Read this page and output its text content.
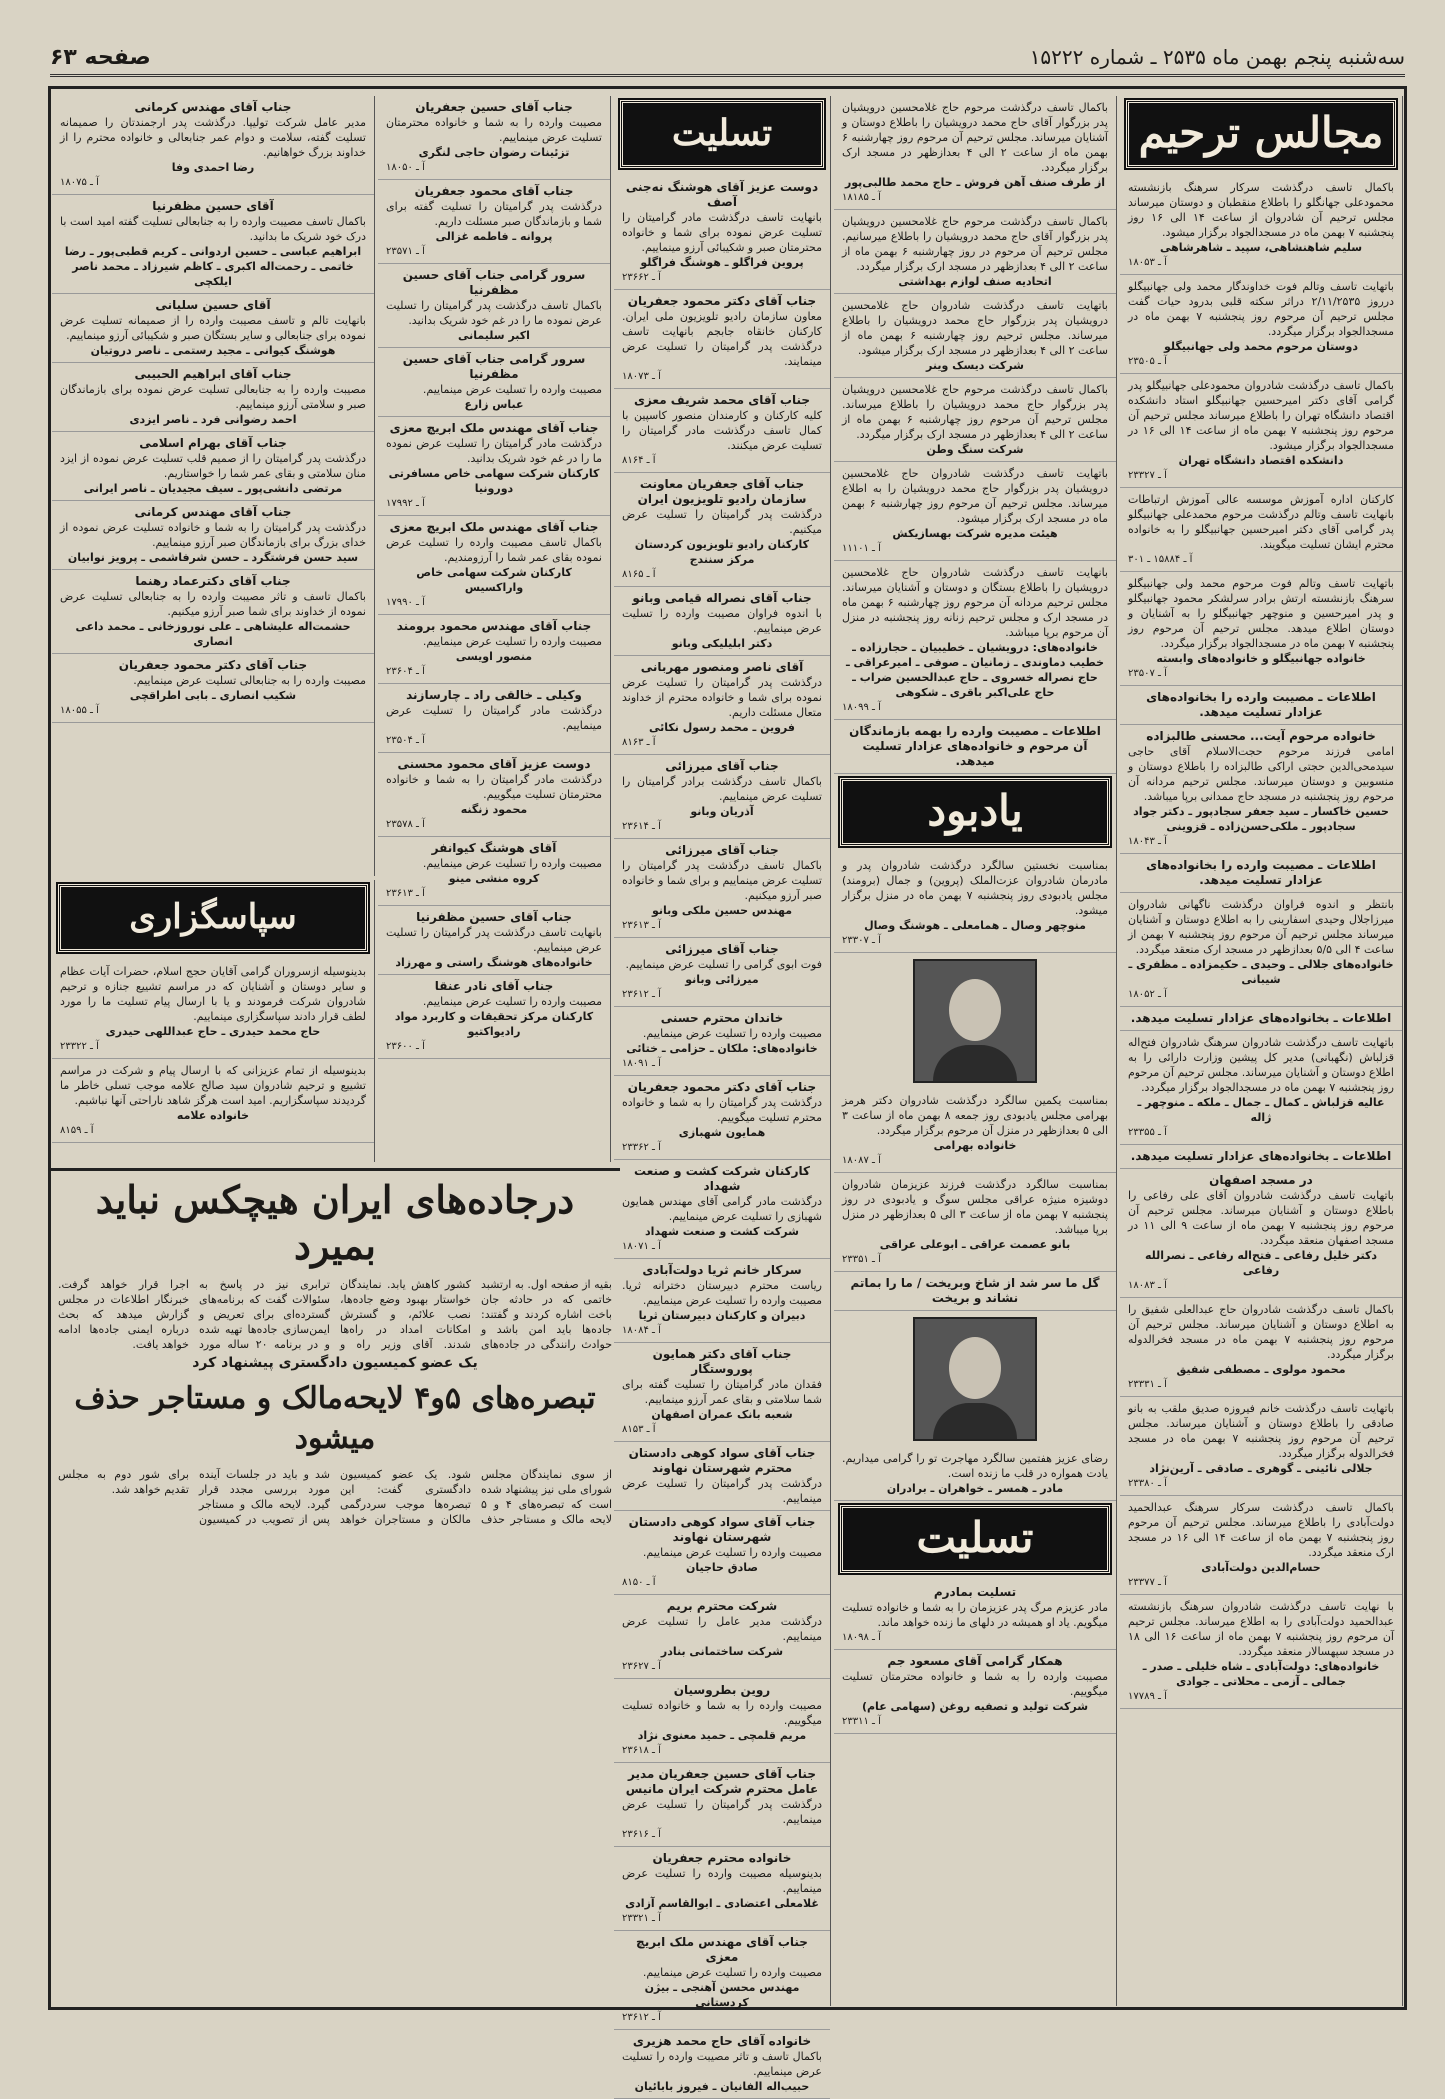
سه‌شنبه پنجم بهمن ماه ۲۵۳۵ ـ شماره ۱۵۲۲۲
صفحه ۶۳
مجالس ترحیم
باکمال تاسف درگذشت سرکار سرهنگ بازنشسته محمودعلی جهانگلو را باطلاع منقطبان و دوستان میرساند مجلس ترحیم آن شادروان از ساعت ۱۴ الی ۱۶ روز پنجشنبه ۷ بهمن ماه در مسجدالجواد برگزار میشود.
سلیم شاهنشاهی، سپید ـ شاهرشاهی
آ ـ ۱۸۰۵۳
باتهایت تاسف وتالم فوت خداوندگار محمد ولی جهانبیگلو درروز ۲/۱۱/۲۵۳۵ دراثر سکته قلبی بدرود حیات گفت مجلس ترحیم آن مرحوم روز پنجشنبه ۷ بهمن ماه در مسجدالجواد برگزار میگردد.
دوستان مرحوم محمد ولی جهانبیگلو
آ ـ ۲۳۵۰۵
باکمال تاسف درگذشت شادروان محمودعلی جهانبیگلو پدر گرامی آقای دکتر امیرحسین جهانبیگلو استاد دانشکده اقتصاد دانشگاه تهران را باطلاع میرساند مجلس ترحیم آن مرحوم روز پنجشنبه ۷ بهمن ماه از ساعت ۱۴ الی ۱۶ در مسجدالجواد برگزار میشود.
دانشکده اقتصاد دانشگاه تهران
آ ـ ۲۳۳۲۷
کارکنان اداره آموزش موسسه عالی آموزش ارتباطات بانهایت تاسف وتالم درگذشت مرحوم محمدعلی جهانبیگلو پدر گرامی آقای دکتر امیرحسین جهانبیگلو را به خانواده محترم ایشان تسلیت میگویند.
آ ـ ۱۵۸۸۴ ـ ۳۰۱
باتهایت تاسف وتالم فوت مرحوم محمد ولی جهانبیگلو سرهنگ بازنشسته ارتش برادر سرلشکر محمود جهانبیگلو و پدر امیرحسین و منوچهر جهانبیگلو را به آشنایان و دوستان اطلاع میدهد. مجلس ترحیم آن مرحوم روز پنجشنبه ۷ بهمن ماه در مسجدالجواد برگزار میگردد.
خانواده جهانبیگلو و خانواده‌های وابسته
آ ـ ۲۳۵۰۷
اطلاعات ـ مصیبت وارده را بخانواده‌های عزادار تسلیت میدهد.
خانواده مرحوم آیت... محسنی طالبزاده
امامی فرزند مرحوم حجت‌الاسلام آقای حاجی سیدمحی‌الدین حجتی اراکی طالبزاده را باطلاع دوستان و منسوبین و دوستان میرساند. مجلس ترحیم مردانه آن مرحوم روز پنجشنبه در مسجد حاج ممدانی برپا میباشد.
حسین خاکسار ـ سید جعفر سجادپور ـ دکتر جواد سجادپور ـ ملکی‌حسن‌زاده ـ قزوینی
آ ـ ۱۸۰۴۳
اطلاعات ـ مصیبت وارده را بخانواده‌های عزادار تسلیت میدهد.
بانتظر و اندوه فراوان درگذشت ناگهانی شادروان میرزاجلال وحیدی اسفارینی را به اطلاع دوستان و آشنایان میرساند مجلس ترحیم آن مرحوم روز پنجشنبه ۷ بهمن از ساعت ۴ الی ۵/۵ بعدازظهر در مسجد ارک منعقد میگردد.
خانواده‌های جلالی ـ وحیدی ـ حکیمزاده ـ مظفری ـ شیبانی
آ ـ ۱۸۰۵۲
اطلاعات ـ بخانواده‌های عزادار تسلیت میدهد.
باتهایت تاسف درگذشت شادروان سرهنگ شادروان فتح‌اله قزلباش (نگهبانی) مدیر کل پیشین وزارت دارائی را به اطلاع دوستان و آشنایان میرساند. مجلس ترحیم آن مرحوم روز پنجشنبه ۷ بهمن ماه در مسجدالجواد برگزار میگردد.
عالیه قزلباش ـ کمال ـ جمال ـ ملکه ـ منوچهر ـ ژاله
آ ـ ۲۳۳۵۵
اطلاعات ـ بخانواده‌های عزادار تسلیت میدهد.
در مسجد اصفهان
باتهایت تاسف درگذشت شادروان آقای علی رفاعی را باطلاع دوستان و آشنایان میرساند. مجلس ترحیم آن مرحوم روز پنجشنبه ۷ بهمن ماه از ساعت ۹ الی ۱۱ در مسجد اصفهان منعقد میگردد.
دکتر خلیل رفاعی ـ فتح‌اله رفاعی ـ نصرالله رفاعی
آ ـ ۱۸۰۸۳
باکمال تاسف درگذشت شادروان حاج عبدالعلی شفیق را به اطلاع دوستان و آشنایان میرساند. مجلس ترحیم آن مرحوم روز پنجشنبه ۷ بهمن ماه در مسجد فخرالدوله برگزار میگردد.
محمود مولوی ـ مصطفی شفیق
آ ـ ۲۳۳۳۱
باتهایت تاسف درگذشت خانم فیروزه صدیق ملقب به بانو صادقی را باطلاع دوستان و آشنایان میرساند. مجلس ترحیم آن مرحوم روز پنجشنبه ۷ بهمن ماه در مسجد فخرالدوله برگزار میگردد.
جلالی نائینی ـ گوهری ـ صادقی ـ آرین‌نژاد
آ ـ ۲۳۳۸۰
باکمال تاسف درگذشت سرکار سرهنگ عبدالحمید دولت‌آبادی را باطلاع میرساند. مجلس ترحیم آن مرحوم روز پنجشنبه ۷ بهمن ماه از ساعت ۱۴ الی ۱۶ در مسجد ارک منعقد میگردد.
حسام‌الدین دولت‌آبادی
آ ـ ۲۳۳۷۷
با نهایت تاسف درگذشت شادروان سرهنگ بازنشسته عبدالحمید دولت‌آبادی را به اطلاع میرساند. مجلس ترحیم آن مرحوم روز پنجشنبه ۷ بهمن ماه از ساعت ۱۶ الی ۱۸ در مسجد سپهسالار منعقد میگردد.
خانواده‌های: دولت‌آبادی ـ شاه خلیلی ـ صدر ـ جمالی ـ آزمی ـ محلاتی ـ جوادی
آ ـ ۱۷۷۸۹
باکمال تاسف درگذشت مرحوم حاج غلامحسین درویشیان پدر بزرگوار آقای حاج محمد درویشیان را باطلاع دوستان و آشنایان میرساند. مجلس ترحیم آن مرحوم روز چهارشنبه ۶ بهمن ماه از ساعت ۲ الی ۴ بعدازظهر در مسجد ارک برگزار میگردد.
از طرف صنف آهن فروش ـ حاج محمد طالبی‌پور
آ ـ ۱۸۱۸۵
باکمال تاسف درگذشت مرحوم حاج غلامحسین درویشیان پدر بزرگوار آقای حاج محمد درویشیان را باطلاع میرسانیم. مجلس ترحیم آن مرحوم در روز چهارشنبه ۶ بهمن ماه از ساعت ۲ الی ۴ بعدازظهر در مسجد ارک برگزار میگردد.
اتحادیه صنف لوازم بهداشتی
باتهایت تاسف درگذشت شادروان حاج غلامحسین درویشیان پدر بزرگوار حاج محمد درویشیان را باطلاع میرساند. مجلس ترحیم روز چهارشنبه ۶ بهمن ماه از ساعت ۲ الی ۴ بعدازظهر در مسجد ارک برگزار میشود.
شرکت دیسک وینر
باکمال تاسف درگذشت مرحوم حاج غلامحسین درویشیان پدر بزرگوار حاج محمد درویشیان را باطلاع میرساند. مجلس ترحیم آن مرحوم روز چهارشنبه ۶ بهمن ماه از ساعت ۲ الی ۴ بعدازظهر در مسجد ارک برگزار میگردد.
شرکت سنگ وطن
باتهایت تاسف درگذشت شادروان حاج غلامحسین درویشیان پدر بزرگوار حاج محمد درویشیان را به اطلاع میرساند. مجلس ترحیم آن مرحوم روز چهارشنبه ۶ بهمن ماه در مسجد ارک برگزار میشود.
هیئت مدیره شرکت بهسازیکش
آ ـ ۱۱۱۰۱
بانهایت تاسف درگذشت شادروان حاج غلامحسین درویشیان را باطلاع بستگان و دوستان و آشنایان میرساند. مجلس ترحیم مردانه آن مرحوم روز چهارشنبه ۶ بهمن ماه در مسجد ارک و مجلس ترحیم زنانه روز پنجشنبه در منزل آن مرحوم برپا میباشد.
خانواده‌های: درویشیان ـ خطیبیان ـ حجارزاده ـ خطیب دماوندی ـ زمانیان ـ صوفی ـ امیرعراقی ـ حاج نصراله خسروی ـ حاج عبدالحسین ضراب ـ حاج علی‌اکبر باقری ـ شکوهی
آ ـ ۱۸۰۹۹
اطلاعات ـ مصیبت وارده را بهمه بازماندگان آن مرحوم و خانواده‌های عزادار تسلیت میدهد.
یادبود
بمناسبت نخستین سالگرد درگذشت شادروان پدر و مادرمان شادروان عزت‌الملک (پروین) و جمال (برومند) مجلس یادبودی روز پنجشنبه ۷ بهمن ماه در منزل برگزار میشود.
منوچهر وصال ـ همامعلی ـ هوشنگ وصال
آ ـ ۲۳۳۰۷
بمناسبت یکمین سالگرد درگذشت شادروان دکتر هرمز بهرامی مجلس یادبودی روز جمعه ۸ بهمن ماه از ساعت ۳ الی ۵ بعدازظهر در منزل آن مرحوم برگزار میگردد.
خانواده بهرامی
آ ـ ۱۸۰۸۷
بمناسبت سالگرد درگذشت فرزند عزیزمان شادروان دوشیزه منیژه عراقی مجلس سوگ و یادبودی در روز پنجشنبه ۷ بهمن ماه از ساعت ۳ الی ۵ بعدازظهر در منزل برپا میباشد.
بانو عصمت عراقی ـ ابوعلی عراقی
آ ـ ۲۳۳۵۱
گل ما سر شد از شاخ وبریخت / ما را بماتم نشاند و بریخت
رضای عزیز هفتمین سالگرد مهاجرت تو را گرامی میداریم. یادت همواره در قلب ما زنده است.
مادر ـ همسر ـ خواهران ـ برادران
تسلیت
تسلیت بمادرم
مادر عزیزم مرگ پدر عزیزمان را به شما و خانواده تسلیت میگویم. یاد او همیشه در دلهای ما زنده خواهد ماند.
آ ـ ۱۸۰۹۸
همکار گرامی آقای مسعود جم
مصیبت وارده را به شما و خانواده محترمتان تسلیت میگوییم.
شرکت تولید و تصفیه روغن (سهامی عام)
آ ـ ۲۳۳۱۱
تسلیت
دوست عزیز آقای هوشنگ نه‌جنی آصف
بانهایت تاسف درگذشت مادر گرامیتان را تسلیت عرض نموده برای شما و خانواده محترمتان صبر و شکیبائی آرزو مینماییم.
پروین فراگلو ـ هوشنگ فراگلو
آ ـ ۲۳۶۶۲
جناب آقای دکتر محمود جعفریان
معاون سازمان رادیو تلویزیون ملی ایران. کارکنان خانقاه جابجم بانهایت تاسف درگذشت پدر گرامیتان را تسلیت عرض مینمایند.
آ ـ ۱۸۰۷۳
جناب آقای محمد شریف معزی
کلیه کارکنان و کارمندان منصور کاسپین با کمال تاسف درگذشت مادر گرامیتان را تسلیت عرض میکنند.
آ ـ ۸۱۶۴
جناب آقای جعفریان معاونت سازمان رادیو تلویزیون ایران
درگذشت پدر گرامیتان را تسلیت عرض میکنیم.
کارکنان رادیو تلویزیون کردستان مرکز سنندج
آ ـ ۸۱۶۵
جناب آقای نصراله قیامی وبانو
با اندوه فراوان مصیبت وارده را تسلیت عرض مینماییم.
دکتر ابلیلیکی وبانو
آقای ناصر ومنصور مهربانی
درگذشت پدر گرامیتان را تسلیت عرض نموده برای شما و خانواده محترم از خداوند متعال مسئلت داریم.
فروین ـ محمد رسول نکائی
آ ـ ۸۱۶۳
جناب آقای میرزائی
باکمال تاسف درگذشت برادر گرامیتان را تسلیت عرض مینماییم.
آذریان وبانو
آ ـ ۲۳۶۱۴
جناب آقای میرزائی
باکمال تاسف درگذشت پدر گرامیتان را تسلیت عرض مینماییم و برای شما و خانواده صبر آرزو میکنیم.
مهندس حسین ملکی وبانو
آ ـ ۲۳۶۱۳
جناب آقای میرزائی
فوت ابوی گرامی را تسلیت عرض مینماییم.
میرزائی وبانو
آ ـ ۲۳۶۱۲
خاندان محترم حسنی
مصیبت وارده را تسلیت عرض مینماییم.
خانواده‌های: ملکان ـ حزامی ـ ختائی
آ ـ ۱۸۰۹۱
جناب آقای دکتر محمود جعفریان
درگذشت پدر گرامیتان را به شما و خانواده محترم تسلیت میگوییم.
همایون شهبازی
آ ـ ۲۳۳۶۲
کارکنان شرکت کشت و صنعت شهداد
درگذشت مادر گرامی آقای مهندس همایون شهبازی را تسلیت عرض مینماییم.
شرکت کشت و صنعت شهداد
آ ـ ۱۸۰۷۱
سرکار خانم ثریا دولت‌آبادی
ریاست محترم دبیرستان دخترانه ثریا. مصیبت وارده را تسلیت عرض مینماییم.
دبیران و کارکنان دبیرستان ثریا
آ ـ ۱۸۰۸۴
جناب آقای دکتر همایون پوروستگار
فقدان مادر گرامیتان را تسلیت گفته برای شما سلامتی و بقای عمر آرزو مینماییم.
شعبه بانک عمران اصفهان
آ ـ ۸۱۵۳
جناب آقای سواد کوهی دادستان محترم شهرستان نهاوند
درگذشت پدر گرامیتان را تسلیت عرض مینماییم.
جناب آقای سواد کوهی دادستان شهرستان نهاوند
مصیبت وارده را تسلیت عرض مینماییم.
صادق حاجیان
آ ـ ۸۱۵۰
شرکت محترم بریم
درگذشت مدیر عامل را تسلیت عرض مینماییم.
شرکت ساختمانی بنادر
آ ـ ۲۳۶۲۷
روین بطروسیان
مصیبت وارده را به شما و خانواده تسلیت میگوییم.
مریم قلمچی ـ حمید معنوی نژاد
آ ـ ۲۳۶۱۸
جناب آقای حسین جعفریان مدیر عامل محترم شرکت ایران مانیس
درگذشت پدر گرامیتان را تسلیت عرض مینماییم.
آ ـ ۲۳۶۱۶
خانواده محترم جعفریان
بدینوسیله مصیبت وارده را تسلیت عرض مینماییم.
غلامعلی اعتضادی ـ ابوالقاسم آزادی
آ ـ ۲۳۳۲۱
جناب آقای مهندس ملک ابریچ معزی
مصیبت وارده را تسلیت عرض مینماییم.
مهندس محسن آهنجی ـ بیژن کردستانی
آ ـ ۲۳۶۱۲
خانواده آقای حاج محمد هزیری
باکمال تاسف و تاثر مصیبت وارده را تسلیت عرض مینماییم.
حبیب‌اله الفانیان ـ فیروز بابائیان
جناب آقای حسین جعفریان
مصیبت وارده را به شما و خانواده محترمتان تسلیت عرض مینماییم.
تزئینات رضوان حاجی لنگری
آ ـ ۱۸۰۵۰
جناب آقای محمود جعفریان
درگذشت پدر گرامیتان را تسلیت گفته برای شما و بازماندگان صبر مسئلت داریم.
پروانه ـ فاطمه غزالی
آ ـ ۲۳۵۷۱
سرور گرامی جناب آقای حسین مظفرنیا
باکمال تاسف درگذشت پدر گرامیتان را تسلیت عرض نموده ما را در غم خود شریک بدانید.
اکبر سلیمانی
سرور گرامی جناب آقای حسین مظفرنیا
مصیبت وارده را تسلیت عرض مینماییم.
عباس زارع
جناب آقای مهندس ملک ابریچ معزی
درگذشت مادر گرامیتان را تسلیت عرض نموده ما را در غم خود شریک بدانید.
کارکنان شرکت سهامی خاص مسافرتی دورونیا
آ ـ ۱۷۹۹۲
جناب آقای مهندس ملک ابریچ معزی
باکمال تاسف مصیبت وارده را تسلیت عرض نموده بقای عمر شما را آرزومندیم.
کارکنان شرکت سهامی خاص واراکسیس
آ ـ ۱۷۹۹۰
جناب آقای مهندس محمود برومند
مصیبت وارده را تسلیت عرض مینماییم.
منصور اویسی
آ ـ ۲۳۶۰۴
وکیلی ـ خالقی راد ـ چارسازند
درگذشت مادر گرامیتان را تسلیت عرض مینماییم.
آ ـ ۲۳۵۰۴
دوست عزیز آقای محمود محسنی
درگذشت مادر گرامیتان را به شما و خانواده محترمتان تسلیت میگوییم.
محمود زنگنه
آ ـ ۲۳۵۷۸
آقای هوشنگ کیوانفر
مصیبت وارده را تسلیت عرض مینماییم.
کروه منشی مینو
آ ـ ۲۳۶۱۳
جناب آقای حسین مظفرنیا
بانهایت تاسف درگذشت پدر گرامیتان را تسلیت عرض مینماییم.
خانواده‌های هوشنگ راستی و مهرزاد
جناب آقای نادر عنقا
مصیبت وارده را تسلیت عرض مینماییم.
کارکنان مرکز تحقیقات و کاربرد مواد رادیواکتیو
آ ـ ۲۳۶۰۰
جناب آقای مهندس کرمانی
مدیر عامل شرکت تولیپا. درگذشت پدر ارجمندتان را صمیمانه تسلیت گفته، سلامت و دوام عمر جنابعالی و خانواده محترم را از خداوند بزرگ خواهانیم.
رضا احمدی وفا
آ ـ ۱۸۰۷۵
آقای حسین مظفرنیا
باکمال تاسف مصیبت وارده را به جنابعالی تسلیت گفته امید است با درک خود شریک ما بدانید.
ابراهیم عباسی ـ حسین اردوانی ـ کریم قطبی‌پور ـ رضا خاتمی ـ رحمت‌اله اکبری ـ کاظم شیرزاد ـ محمد ناصر ایلکچی
آقای حسین سلیانی
بانهایت تالم و تاسف مصیبت وارده را از صمیمانه تسلیت عرض نموده برای جنابعالی و سایر بستگان صبر و شکیبائی آرزو مینماییم.
هوشنگ کیوانی ـ مجید رستمی ـ ناصر دروتیان
جناب آقای ابراهیم الحبیبی
مصیبت وارده را به جنابعالی تسلیت عرض نموده برای بازماندگان صبر و سلامتی آرزو مینماییم.
احمد رضوانی فرد ـ ناصر ایزدی
جناب آقای بهرام اسلامی
درگذشت پدر گرامیتان را از صمیم قلب تسلیت عرض نموده از ایزد منان سلامتی و بقای عمر شما را خواستاریم.
مرتضی دانشی‌پور ـ سیف مجیدیان ـ ناصر ایرانی
جناب آقای مهندس کرمانی
درگذشت پدر گرامیتان را به شما و خانواده تسلیت عرض نموده از خدای بزرگ برای بازماندگان صبر آرزو مینماییم.
سید حسن فرشتگرد ـ حسن شرفاشمی ـ پرویز نوابیان
جناب آقای دکترعماد رهنما
باکمال تاسف و تاثر مصیبت وارده را به جنابعالی تسلیت عرض نموده از خداوند برای شما صبر آرزو میکنیم.
حشمت‌اله علیشاهی ـ علی نوروزخانی ـ محمد داعی انصاری
جناب آقای دکتر محمود جعفریان
مصیبت وارده را به جنابعالی تسلیت عرض مینماییم.
شکیب انصاری ـ بابی اطراقچی
آ ـ ۱۸۰۵۵
سپاسگزاری
بدینوسیله ازسروران گرامی آقایان حجج اسلام، حضرات آیات عظام و سایر دوستان و آشنایان که در مراسم تشییع جنازه و ترحیم شادروان شرکت فرمودند و یا با ارسال پیام تسلیت ما را مورد لطف قرار دادند سپاسگزاری مینماییم.
حاج محمد حیدری ـ حاج عبداللهی حیدری
آ ـ ۲۳۳۲۲
بدینوسیله از تمام عزیزانی که با ارسال پیام و شرکت در مراسم تشییع و ترحیم شادروان سید صالح علامه موجب تسلی خاطر ما گردیدند سپاسگزاریم. امید است هرگز شاهد ناراحتی آنها نباشیم.
خانواده علامه
آ ـ ۸۱۵۹
درجاده‌های ایران هیچکس نباید بمیرد
بقیه از صفحه اول. به ارتشبد خاتمی که در حادثه جان باخت اشاره کردند و گفتند: جاده‌ها باید امن باشد و حوادث رانندگی در جاده‌های کشور کاهش یابد. نمایندگان خواستار بهبود وضع جاده‌ها، نصب علائم، و گسترش امکانات امداد در راه‌ها شدند. آقای وزیر راه و ترابری نیز در پاسخ به سئوالات گفت که برنامه‌های گسترده‌ای برای تعریض و ایمن‌سازی جاده‌ها تهیه شده و در برنامه ۲۰ ساله مورد اجرا قرار خواهد گرفت. خبرنگار اطلاعات در مجلس گزارش میدهد که بحث درباره ایمنی جاده‌ها ادامه خواهد یافت.
یک عضو کمیسیون دادگستری پیشنهاد کرد
تبصره‌های ۵و۴ لایحه‌مالک و مستاجر حذف میشود
از سوی نمایندگان مجلس شورای ملی نیز پیشنهاد شده است که تبصره‌های ۴ و ۵ لایحه مالک و مستاجر حذف شود. یک عضو کمیسیون دادگستری گفت: این تبصره‌ها موجب سردرگمی مالکان و مستاجران خواهد شد و باید در جلسات آینده مورد بررسی مجدد قرار گیرد. لایحه مالک و مستاجر پس از تصویب در کمیسیون برای شور دوم به مجلس تقدیم خواهد شد.
